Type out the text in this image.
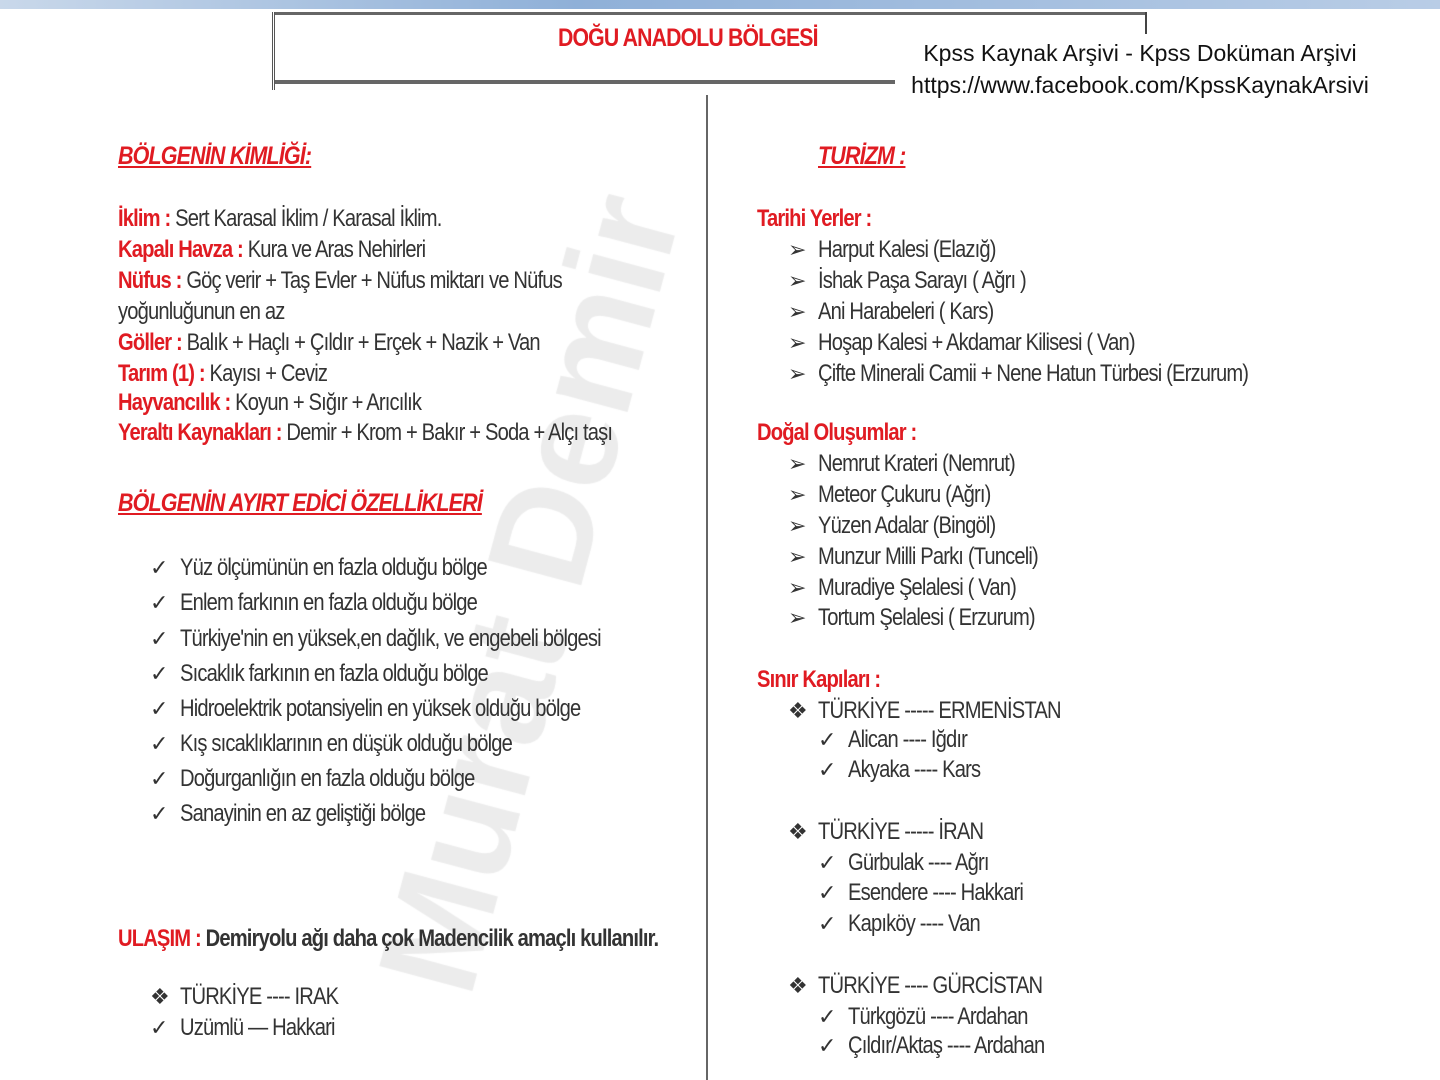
DOĞU ANADOLU BÖLGESİ
Kpss Kaynak Arşivi - Kpss Doküman Arşivi
https://www.facebook.com/KpssKaynakArsivi
BÖLGENİN KİMLİĞİ:
İklim : Sert Karasal İklim / Karasal İklim.
Kapalı Havza : Kura ve Aras Nehirleri
Nüfus : Göç verir + Taş Evler + Nüfus miktarı ve Nüfus
yoğunluğunun en az
Göller : Balık + Haçlı + Çıldır + Erçek + Nazik + Van
Tarım (1) : Kayısı + Ceviz
Hayvancılık : Koyun + Sığır + Arıcılık
Yeraltı Kaynakları : Demir + Krom + Bakır + Soda + Alçı taşı
BÖLGENİN AYIRT EDİCİ ÖZELLİKLERİ
✓ Yüz ölçümünün en fazla olduğu bölge
✓ Enlem farkının en fazla olduğu bölge
✓ Türkiye'nin en yüksek,en dağlık, ve engebeli bölgesi
✓ Sıcaklık farkının en fazla olduğu bölge
✓ Hidroelektrik potansiyelin en yüksek olduğu bölge
✓ Kış sıcaklıklarının en düşük olduğu bölge
✓ Doğurganlığın en fazla olduğu bölge
✓ Sanayinin en az geliştiği bölge
ULAŞIM : Demiryolu ağı daha çok Madencilik amaçlı kullanılır.
❖ TÜRKİYE ---- IRAK
✓ Uzümlü — Hakkari
TURİZM :
Tarihi Yerler :
➢ Harput Kalesi (Elazığ)
➢ İshak Paşa Sarayı ( Ağrı )
➢ Ani Harabeleri ( Kars)
➢ Hoşap Kalesi + Akdamar Kilisesi ( Van)
➢ Çifte Minerali Camii + Nene Hatun Türbesi (Erzurum)
Doğal Oluşumlar :
➢ Nemrut Krateri (Nemrut)
➢ Meteor Çukuru (Ağrı)
➢ Yüzen Adalar (Bingöl)
➢ Munzur Milli Parkı (Tunceli)
➢ Muradiye Şelalesi ( Van)
➢ Tortum Şelalesi ( Erzurum)
Sınır Kapıları :
❖ TÜRKİYE ----- ERMENİSTAN
✓ Alican ---- Iğdır
✓ Akyaka ---- Kars
❖ TÜRKİYE ----- İRAN
✓ Gürbulak ---- Ağrı
✓ Esendere ---- Hakkari
✓ Kapıköy ---- Van
❖ TÜRKİYE ---- GÜRCİSTAN
✓ Türkgözü ---- Ardahan
✓ Çıldır/Aktaş ---- Ardahan
